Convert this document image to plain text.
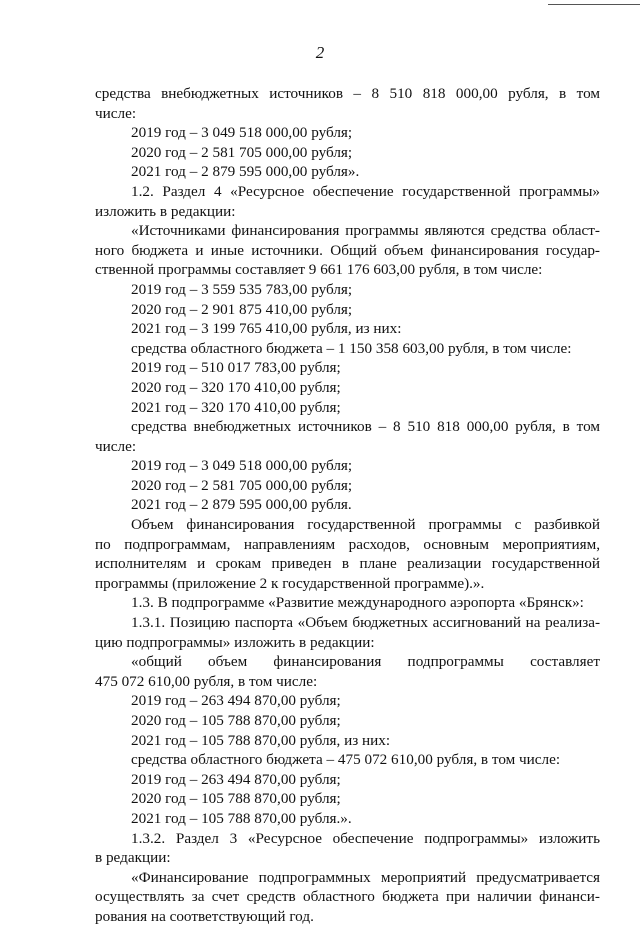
2
средства внебюджетных источников – 8 510 818 000,00 рубля, в том
числе:
2019 год – 3 049 518 000,00 рубля;
2020 год – 2 581 705 000,00 рубля;
2021 год – 2 879 595 000,00 рубля».
1.2. Раздел 4 «Ресурсное обеспечение государственной программы»
изложить в редакции:
«Источниками финансирования программы являются средства област-
ного бюджета и иные источники. Общий объем финансирования государ-
ственной программы составляет 9 661 176 603,00 рубля, в том числе:
2019 год – 3 559 535 783,00 рубля;
2020 год – 2 901 875 410,00 рубля;
2021 год – 3 199 765 410,00 рубля, из них:
средства областного бюджета – 1 150 358 603,00 рубля, в том числе:
2019 год – 510 017 783,00 рубля;
2020 год – 320 170 410,00 рубля;
2021 год – 320 170 410,00 рубля;
средства внебюджетных источников – 8 510 818 000,00 рубля, в том
числе:
2019 год – 3 049 518 000,00 рубля;
2020 год – 2 581 705 000,00 рубля;
2021 год – 2 879 595 000,00 рубля.
Объем финансирования государственной программы с разбивкой
по подпрограммам, направлениям расходов, основным мероприятиям,
исполнителям и срокам приведен в плане реализации государственной
программы (приложение 2 к государственной программе).».
1.3. В подпрограмме «Развитие международного аэропорта «Брянск»:
1.3.1. Позицию паспорта «Объем бюджетных ассигнований на реализа-
цию подпрограммы» изложить в редакции:
«общий объем финансирования подпрограммы составляет
475 072 610,00 рубля, в том числе:
2019 год – 263 494 870,00 рубля;
2020 год – 105 788 870,00 рубля;
2021 год – 105 788 870,00 рубля, из них:
средства областного бюджета – 475 072 610,00 рубля, в том числе:
2019 год – 263 494 870,00 рубля;
2020 год – 105 788 870,00 рубля;
2021 год – 105 788 870,00 рубля.».
1.3.2. Раздел 3 «Ресурсное обеспечение подпрограммы» изложить
в редакции:
«Финансирование подпрограммных мероприятий предусматривается
осуществлять за счет средств областного бюджета при наличии финанси-
рования на соответствующий год.
